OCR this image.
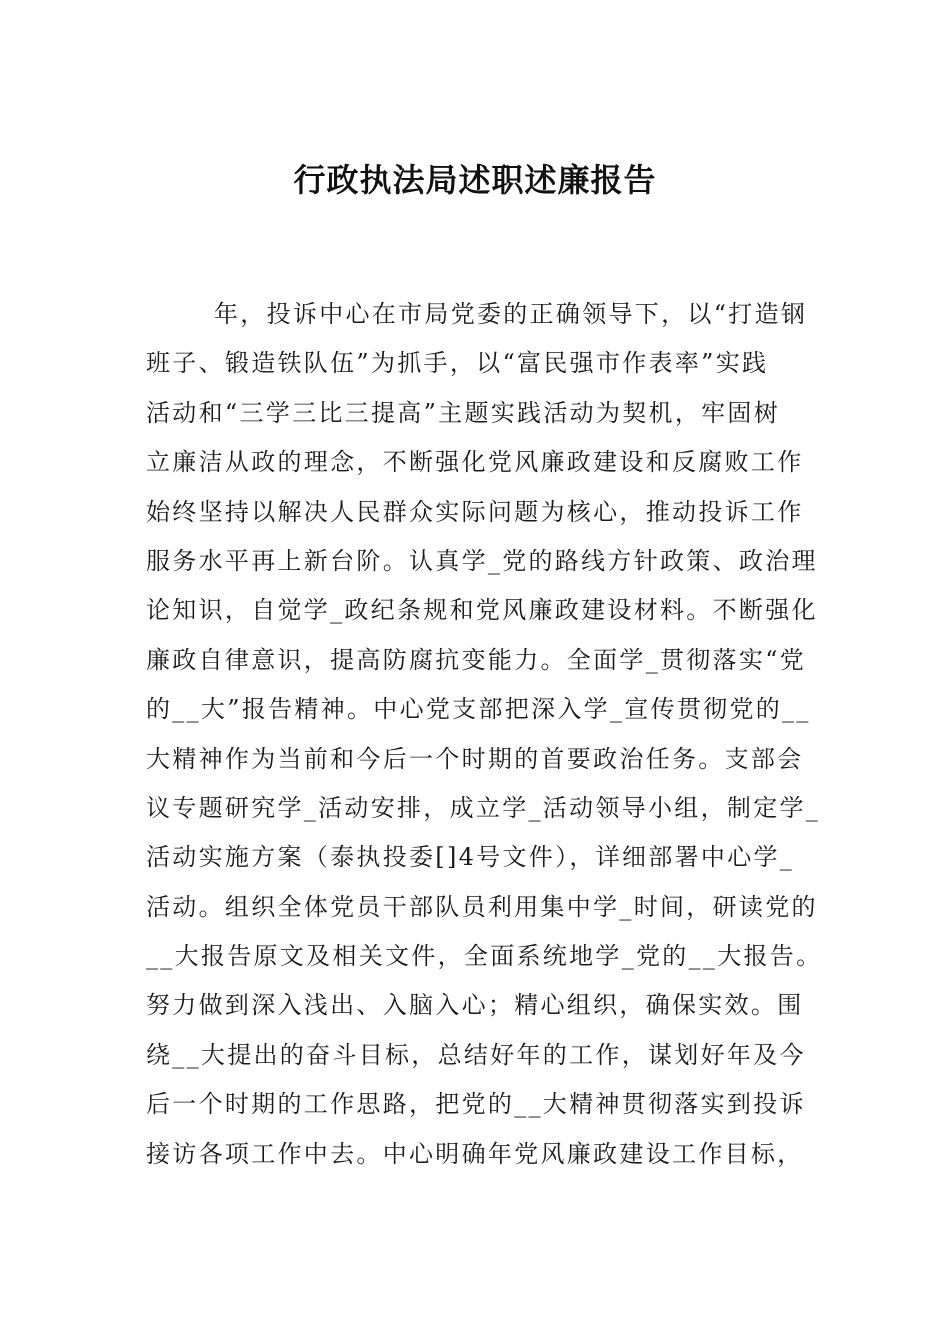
行政执法局述职述廉报告
年，投诉中心在市局党委的正确领导下，以“打造钢
班子、锻造铁队伍”为抓手，以“富民强市作表率”实践
活动和“三学三比三提高”主题实践活动为契机，牢固树
立廉洁从政的理念，不断强化党风廉政建设和反腐败工作
始终坚持以解决人民群众实际问题为核心，推动投诉工作
服务水平再上新台阶。认真学_党的路线方针政策、政治理
论知识，自觉学_政纪条规和党风廉政建设材料。不断强化
廉政自律意识，提高防腐抗变能力。全面学_贯彻落实“党
的__大”报告精神。中心党支部把深入学_宣传贯彻党的__
大精神作为当前和今后一个时期的首要政治任务。支部会
议专题研究学_活动安排，成立学_活动领导小组，制定学_
活动实施方案（泰执投委[]4号文件），详细部署中心学_
活动。组织全体党员干部队员利用集中学_时间，研读党的
__大报告原文及相关文件，全面系统地学_党的__大报告。
努力做到深入浅出、入脑入心；精心组织，确保实效。围
绕__大提出的奋斗目标，总结好年的工作，谋划好年及今
后一个时期的工作思路，把党的__大精神贯彻落实到投诉
接访各项工作中去。中心明确年党风廉政建设工作目标，
